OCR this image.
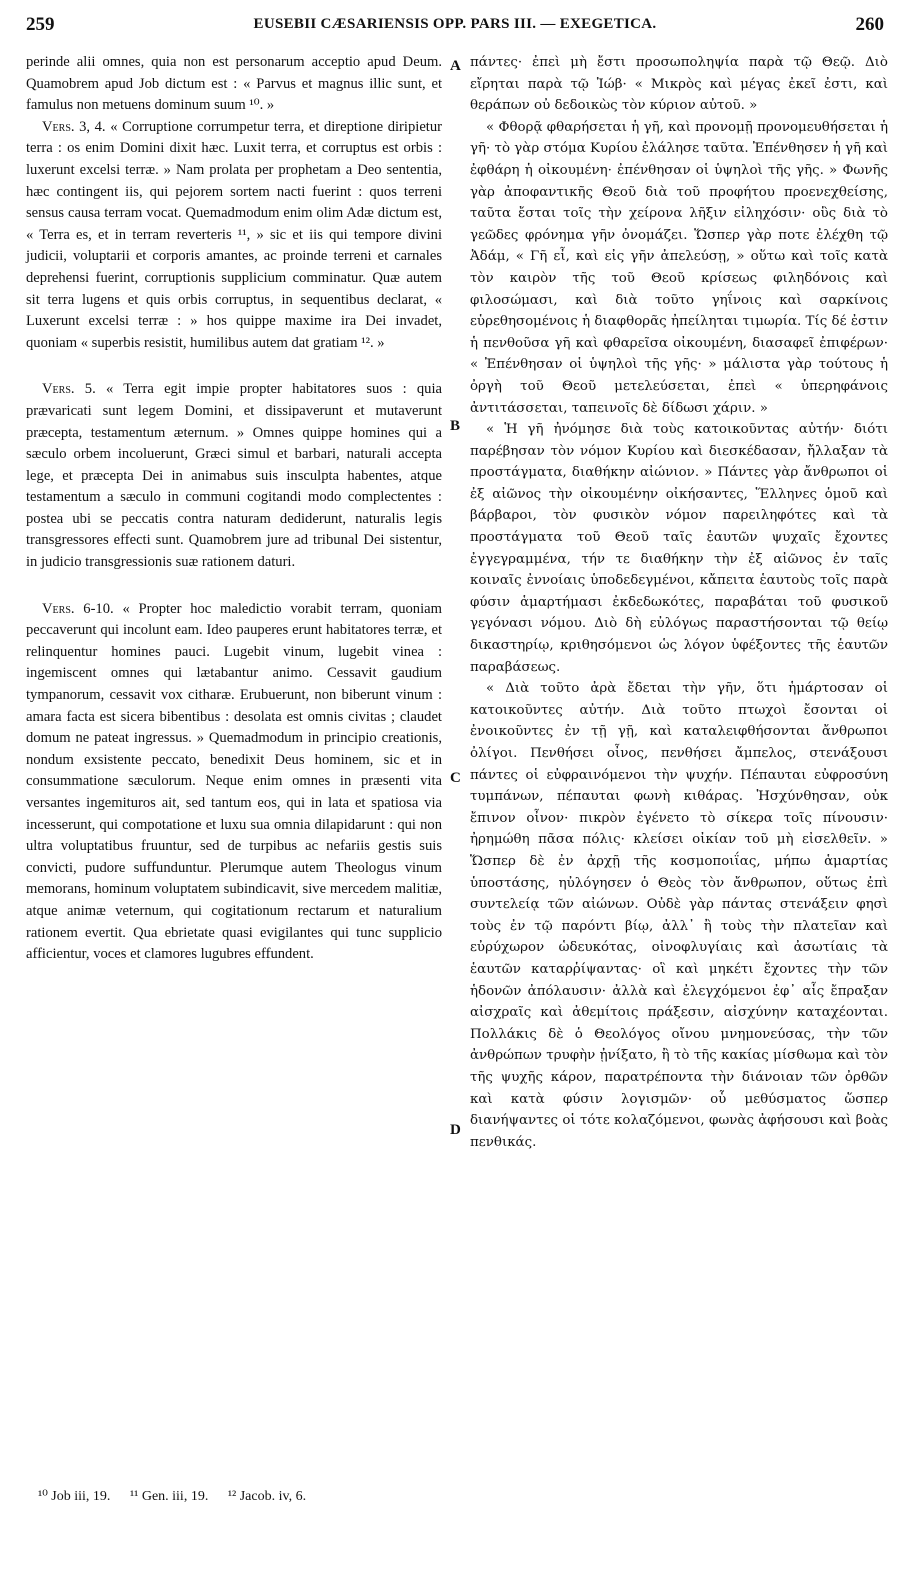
259	EUSEBII CÆSARIENSIS OPP. PARS III. — EXEGETICA.	260

perinde alii omnes, quia non est personarum acceptio apud Deum. Quamobrem apud Job dictum est : « Parvus et magnus illic sunt, et famulus non metuens dominum suum ¹⁰. »

Vers. 3, 4. « Corruptione corrumpetur terra, et direptione diripietur terra : os enim Domini dixit hæc. Luxit terra, et corruptus est orbis : luxerunt excelsi terræ. » Nam prolata per prophetam a Deo sententia, hæc contingent iis, qui pejorem sortem nacti fuerint : quos terreni sensus causa terram vocat. Quemadmodum enim olim Adæ dictum est, « Terra es, et in terram reverteris ¹¹, » sic et iis qui tempore divini judicii, voluptarii et corporis amantes, ac proinde terreni et carnales deprehensi fuerint, corruptionis supplicium comminatur. Quæ autem sit terra lugens et quis orbis corruptus, in sequentibus declarat, « Luxerunt excelsi terræ : » hos quippe maxime ira Dei invadet, quoniam « superbis resistit, humilibus autem dat gratiam ¹². »

Vers. 5. « Terra egit impie propter habitatores suos : quia prævaricati sunt legem Domini, et dissipaverunt et mutaverunt præcepta, testamentum æternum. » Omnes quippe homines qui a sæculo orbem incoluerunt, Græci simul et barbari, naturali accepta lege, et præcepta Dei in animabus suis insculpta habentes, atque testamentum a sæculo in communi cogitandi modo complectentes : postea ubi se peccatis contra naturam dediderunt, naturalis legis transgressores effecti sunt. Quamobrem jure ad tribunal Dei sistentur, in judicio transgressionis suæ rationem daturi.

Vers. 6-10. « Propter hoc maledictio vorabit terram, quoniam peccaverunt qui incolunt eam. Ideo pauperes erunt habitatores terræ, et relinquentur homines pauci. Lugebit vinum, lugebit vinea : ingemiscent omnes qui lætabantur animo. Cessavit gaudium tympanorum, cessavit vox citharæ. Erubuerunt, non biberunt vinum : amara facta est sicera bibentibus : desolata est omnis civitas ; claudet domum ne pateat ingressus. » Quemadmodum in principio creationis, nondum exsistente peccato, benedixit Deus hominem, sic et in consummatione sæculorum. Neque enim omnes in præsenti vita versantes ingemituros ait, sed tantum eos, qui in lata et spatiosa via incesserunt, qui compotatione et luxu sua omnia dilapidarunt : qui non ultra voluptatibus fruuntur, sed de turpibus ac nefariis gestis suis convicti, pudore suffunduntur. Plerumque autem Theologus vinum memorans, hominum voluptatem subindicavit, sive mercedem malitiæ, atque animæ veternum, qui cogitationum rectarum et naturalium rationem evertit. Qua ebrietate quasi evigilantes qui tunc supplicio afficientur, voces et clamores lugubres effundent.

A
B
C
D

πάντες· ἐπεὶ μὴ ἔστι προσωποληψία παρὰ τῷ Θεῷ. Διὸ εἴρηται παρὰ τῷ Ἰώβ· « Μικρὸς καὶ μέγας ἐκεῖ ἐστι, καὶ θεράπων οὐ δεδοικὼς τὸν κύριον αὐτοῦ. »

« Φθορᾷ φθαρήσεται ἡ γῆ, καὶ προνομῇ προνομευθήσεται ἡ γῆ· τὸ γὰρ στόμα Κυρίου ἐλάλησε ταῦτα. Ἐπένθησεν ἡ γῆ καὶ ἐφθάρη ἡ οἰκουμένη· ἐπένθησαν οἱ ὑψηλοὶ τῆς γῆς. » Φωνῆς γὰρ ἀποφαντικῆς Θεοῦ διὰ τοῦ προφήτου προενεχθείσης, ταῦτα ἔσται τοῖς τὴν χείρονα λῆξιν εἰληχόσιν· οὓς διὰ τὸ γεῶδες φρόνημα γῆν ὀνομάζει. Ὥσπερ γὰρ ποτε ἐλέχθη τῷ Ἀδάμ, « Γῆ εἶ, καὶ εἰς γῆν ἀπελεύσῃ, » οὕτω καὶ τοῖς κατὰ τὸν καιρὸν τῆς τοῦ Θεοῦ κρίσεως φιληδόνοις καὶ φιλοσώμασι, καὶ διὰ τοῦτο γηΐνοις καὶ σαρκίνοις εὑρεθησομένοις ἡ διαφθορᾶς ἠπείληται τιμωρία. Τίς δέ ἐστιν ἡ πενθοῦσα γῆ καὶ φθαρεῖσα οἰκουμένη, διασαφεῖ ἐπιφέρων· « Ἐπένθησαν οἱ ὑψηλοὶ τῆς γῆς· » μάλιστα γὰρ τούτους ἡ ὀργὴ τοῦ Θεοῦ μετελεύσεται, ἐπεὶ « ὑπερηφάνοις ἀντιτάσσεται, ταπεινοῖς δὲ δίδωσι χάριν. »

« Ἡ γῆ ἠνόμησε διὰ τοὺς κατοικοῦντας αὐτήν· διότι παρέβησαν τὸν νόμον Κυρίου καὶ διεσκέδασαν, ἤλλαξαν τὰ προστάγματα, διαθήκην αἰώνιον. » Πάντες γὰρ ἄνθρωποι οἱ ἐξ αἰῶνος τὴν οἰκουμένην οἰκήσαντες, Ἕλληνες ὁμοῦ καὶ βάρβαροι, τὸν φυσικὸν νόμον παρειληφότες καὶ τὰ προστάγματα τοῦ Θεοῦ ταῖς ἑαυτῶν ψυχαῖς ἔχοντες ἐγγεγραμμένα, τήν τε διαθήκην τὴν ἐξ αἰῶνος ἐν ταῖς κοιναῖς ἐννοίαις ὑποδεδεγμένοι, κἄπειτα ἑαυτοὺς τοῖς παρὰ φύσιν ἁμαρτήμασι ἐκδεδωκότες, παραβάται τοῦ φυσικοῦ γεγόνασι νόμου. Διὸ δὴ εὐλόγως παραστήσονται τῷ θείῳ δικαστηρίῳ, κριθησόμενοι ὡς λόγον ὑφέξοντες τῆς ἑαυτῶν παραβάσεως.

« Διὰ τοῦτο ἀρὰ ἔδεται τὴν γῆν, ὅτι ἡμάρτοσαν οἱ κατοικοῦντες αὐτήν. Διὰ τοῦτο πτωχοὶ ἔσονται οἱ ἐνοικοῦντες ἐν τῇ γῇ, καὶ καταλειφθήσονται ἄνθρωποι ὀλίγοι. Πενθήσει οἶνος, πενθήσει ἄμπελος, στενάξουσι πάντες οἱ εὐφραινόμενοι τὴν ψυχήν. Πέπαυται εὐφροσύνη τυμπάνων, πέπαυται φωνὴ κιθάρας. Ἠσχύνθησαν, οὐκ ἔπινον οἶνον· πικρὸν ἐγένετο τὸ σίκερα τοῖς πίνουσιν· ἠρημώθη πᾶσα πόλις· κλείσει οἰκίαν τοῦ μὴ εἰσελθεῖν. » Ὥσπερ δὲ ἐν ἀρχῇ τῆς κοσμοποιΐας, μήπω ἁμαρτίας ὑποστάσης, ηὐλόγησεν ὁ Θεὸς τὸν ἄνθρωπον, οὕτως ἐπὶ συντελείᾳ τῶν αἰώνων. Οὐδὲ γὰρ πάντας στενάξειν φησὶ τοὺς ἐν τῷ παρόντι βίῳ, ἀλλ᾽ ἢ τοὺς τὴν πλατεῖαν καὶ εὐρύχωρον ὡδευκότας, οἰνοφλυγίαις καὶ ἀσωτίαις τὰ ἑαυτῶν καταρῥίψαντας· οἳ καὶ μηκέτι ἔχοντες τὴν τῶν ἡδονῶν ἀπόλαυσιν· ἀλλὰ καὶ ἐλεγχόμενοι ἐφ᾽ αἷς ἔπραξαν αἰσχραῖς καὶ ἀθεμίτοις πράξεσιν, αἰσχύνην καταχέονται. Πολλάκις δὲ ὁ Θεολόγος οἴνου μνημονεύσας, τὴν τῶν ἀνθρώπων τρυφὴν ᾐνίξατο, ἢ τὸ τῆς κακίας μίσθωμα καὶ τὸν τῆς ψυχῆς κάρον, παρατρέποντα τὴν διάνοιαν τῶν ὀρθῶν καὶ κατὰ φύσιν λογισμῶν· οὗ μεθύσματος ὥσπερ διανήψαντες οἱ τότε κολαζόμενοι, φωνὰς ἀφήσουσι καὶ βοὰς πενθικάς.

¹⁰ Job iii, 19. ¹¹ Gen. iii, 19. ¹² Jacob. iv, 6.
